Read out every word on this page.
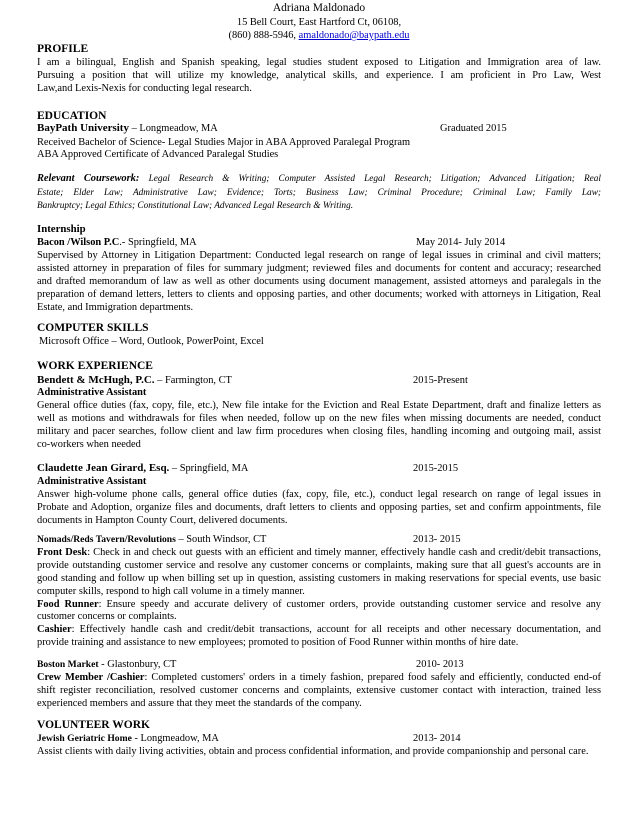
Adriana Maldonado
15 Bell Court, East Hartford Ct, 06108,
(860) 888-5946, amaldonado@baypath.edu
PROFILE
I am a bilingual, English and Spanish speaking, legal studies student exposed to Litigation and Immigration area of law.
Pursuing a position that will utilize my knowledge, analytical skills, and experience. I am proficient in Pro Law, West
Law,and Lexis-Nexis for conducting legal research.
EDUCATION
BayPath University – Longmeadow, MA	Graduated 2015
Received Bachelor of Science- Legal Studies Major in ABA Approved Paralegal Program
ABA Approved Certificate of Advanced Paralegal Studies
Relevant Coursework: Legal Research & Writing; Computer Assisted Legal Research; Litigation; Advanced Litigation; Real
Estate; Elder Law; Administrative Law; Evidence; Torts; Business Law; Criminal Procedure; Criminal Law; Family Law;
Bankruptcy; Legal Ethics; Constitutional Law; Advanced Legal Research & Writing.
Internship
Bacon /Wilson P.C.- Springfield, MA	May 2014- July 2014
Supervised by Attorney in Litigation Department: Conducted legal research on range of legal issues in criminal and civil matters;
assisted attorney in preparation of files for summary judgment; reviewed files and documents for content and accuracy; researched
and drafted memorandum of law as well as other documents using document management, assisted attorneys and paralegals in the
preparation of demand letters, letters to clients and opposing parties, and other documents; worked with attorneys in Litigation, Real
Estate, and Immigration departments.
COMPUTER SKILLS
Microsoft Office – Word, Outlook, PowerPoint, Excel
WORK EXPERIENCE
Bendett & McHugh, P.C. – Farmington, CT	2015-Present
Administrative Assistant
General office duties (fax, copy, file, etc.), New file intake for the Eviction and Real Estate Department, draft and finalize letters as
well as motions and withdrawals for files when needed, follow up on the new files when missing documents are needed, conduct
military and pacer searches, follow client and law firm procedures when closing files, handling incoming and outgoing mail, assist
co-workers when needed
Claudette Jean Girard, Esq. – Springfield, MA	2015-2015
Administrative Assistant
Answer high-volume phone calls, general office duties (fax, copy, file, etc.), conduct legal research on range of legal issues in
Probate and Adoption, organize files and documents, draft letters to clients and opposing parties, set and confirm appointments, file
documents in Hampton County Court, delivered documents.
Nomads/Reds Tavern/Revolutions – South Windsor, CT	2013- 2015
Front Desk: Check in and check out guests with an efficient and timely manner, effectively handle cash and credit/debit transactions,
provide outstanding customer service and resolve any customer concerns or complaints, making sure that all guest's accounts are in
good standing and follow up when billing set up in question, assisting customers in making reservations for special events, use basic
computer skills, respond to high call volume in a timely manner.
Food Runner: Ensure speedy and accurate delivery of customer orders, provide outstanding customer service and resolve any
customer concerns or complaints.
Cashier: Effectively handle cash and credit/debit transactions, account for all receipts and other necessary documentation, and
provide training and assistance to new employees; promoted to position of Food Runner within months of hire date.
Boston Market - Glastonbury, CT	2010- 2013
Crew Member /Cashier: Completed customers' orders in a timely fashion, prepared food safely and efficiently, conducted end-of
shift register reconciliation, resolved customer concerns and complaints, extensive customer contact with interaction, trained less
experienced members and assure that they meet the standards of the company.
VOLUNTEER WORK
Jewish Geriatric Home - Longmeadow, MA	2013- 2014
Assist clients with daily living activities, obtain and process confidential information, and provide companionship and personal care.
